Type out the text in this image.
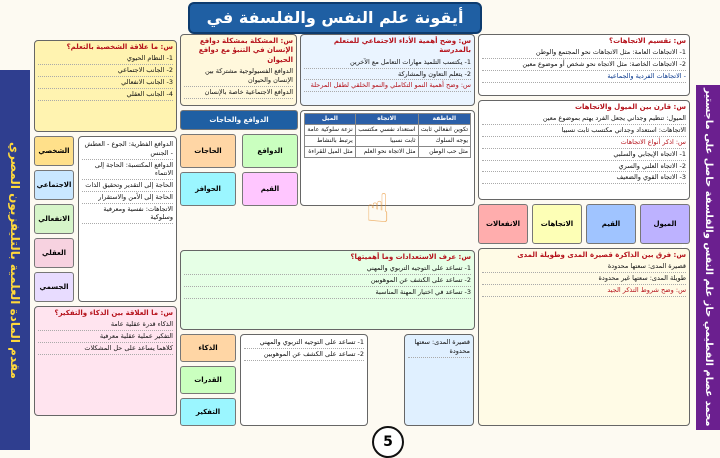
أيقونة علم النفس والفلسفة في
مقدم المادة العلمية بالتليفزيون المصري
محمد عصام الفطيمي حاز علم النفس والفلسفة حاصل على ماجستير
س: تقسيم الاتجاهات؟
1- الاتجاهات العامة: مثل الاتجاهات نحو المجتمع والوطن
2- الاتجاهات الخاصة: مثل الاتجاه نحو شخص أو موضوع معين
- الاتجاهات الفردية والجماعية
س: وضح أهمية الأداء الاجتماعي للمتعلم بالمدرسة
1- يكتسب التلميذ مهارات التعامل مع الآخرين
2- يتعلم التعاون والمشاركة
س: وضح أهمية النمو التكاملي والنمو الخلقي لطفل المرحلة
س: المشكلة بمشكلة دوافع الإنسان في التنبؤ مع دوافع الحيوان
الدوافع الفسيولوجية مشتركة بين الإنسان والحيوان
الدوافع الاجتماعية خاصة بالإنسان
س: ما علاقة الشخصية بالتعلم؟
1- النظام الحيوي
2- الجانب الاجتماعي
3- الجانب الانفعالي
4- الجانب العقلي
الشخصي
الاجتماعي
الانفعالي
العقلي
الجسمي
الدوافع الفطرية: الجوع - العطش - الجنس
الدوافع المكتسبة: الحاجة إلى الانتماء
الحاجة إلى التقدير وتحقيق الذات
الحاجة إلى الأمن والاستقرار
الاتجاهات: نفسية ومعرفية وسلوكية
الدوافع والحاجات
الحاجات	الدوافع
الحوافز	القيم
العاطفة	الاتجاه	الميل
تكوين انفعالي ثابت	استعداد نفسي مكتسب	نزعة سلوكية عامة
يوجه السلوك	ثابت نسبيا	يرتبط بالنشاط
مثل حب الوطن	مثل الاتجاه نحو العلم	مثل الميل للقراءة
س: قارن بين الميول والاتجاهات
الميول: تنظيم وجداني يجعل الفرد يهتم بموضوع معين
الاتجاهات: استعداد وجداني مكتسب ثابت نسبيا
س: اذكر أنواع الاتجاهات
1- الاتجاه الإيجابي والسلبي
2- الاتجاه العلني والسري
3- الاتجاه القوي والضعيف
الانفعالات	الاتجاهات	القيم	الميول
س: عرف الاستعدادات وما أهميتها؟
1- تساعد على التوجيه التربوي والمهني
2- تساعد على الكشف عن الموهوبين
3- تساعد في اختيار المهنة المناسبة
س: ما العلاقة بين الذكاء والتفكير؟
الذكاء قدرة عقلية عامة
التفكير عملية عقلية معرفية
كلاهما يساعد على حل المشكلات	الذكاء
القدرات
التفكير
1- تساعد على التوجيه التربوي والمهني
2- تساعد على الكشف عن الموهوبين
س: فرق بين الذاكرة قصيرة المدى وطويلة المدى
قصيرة المدى: سعتها محدودة
طويلة المدى: سعتها غير محدودة
س: وضح شروط التذكر الجيد
قصيرة المدى: سعتها محدودة
☝
5
